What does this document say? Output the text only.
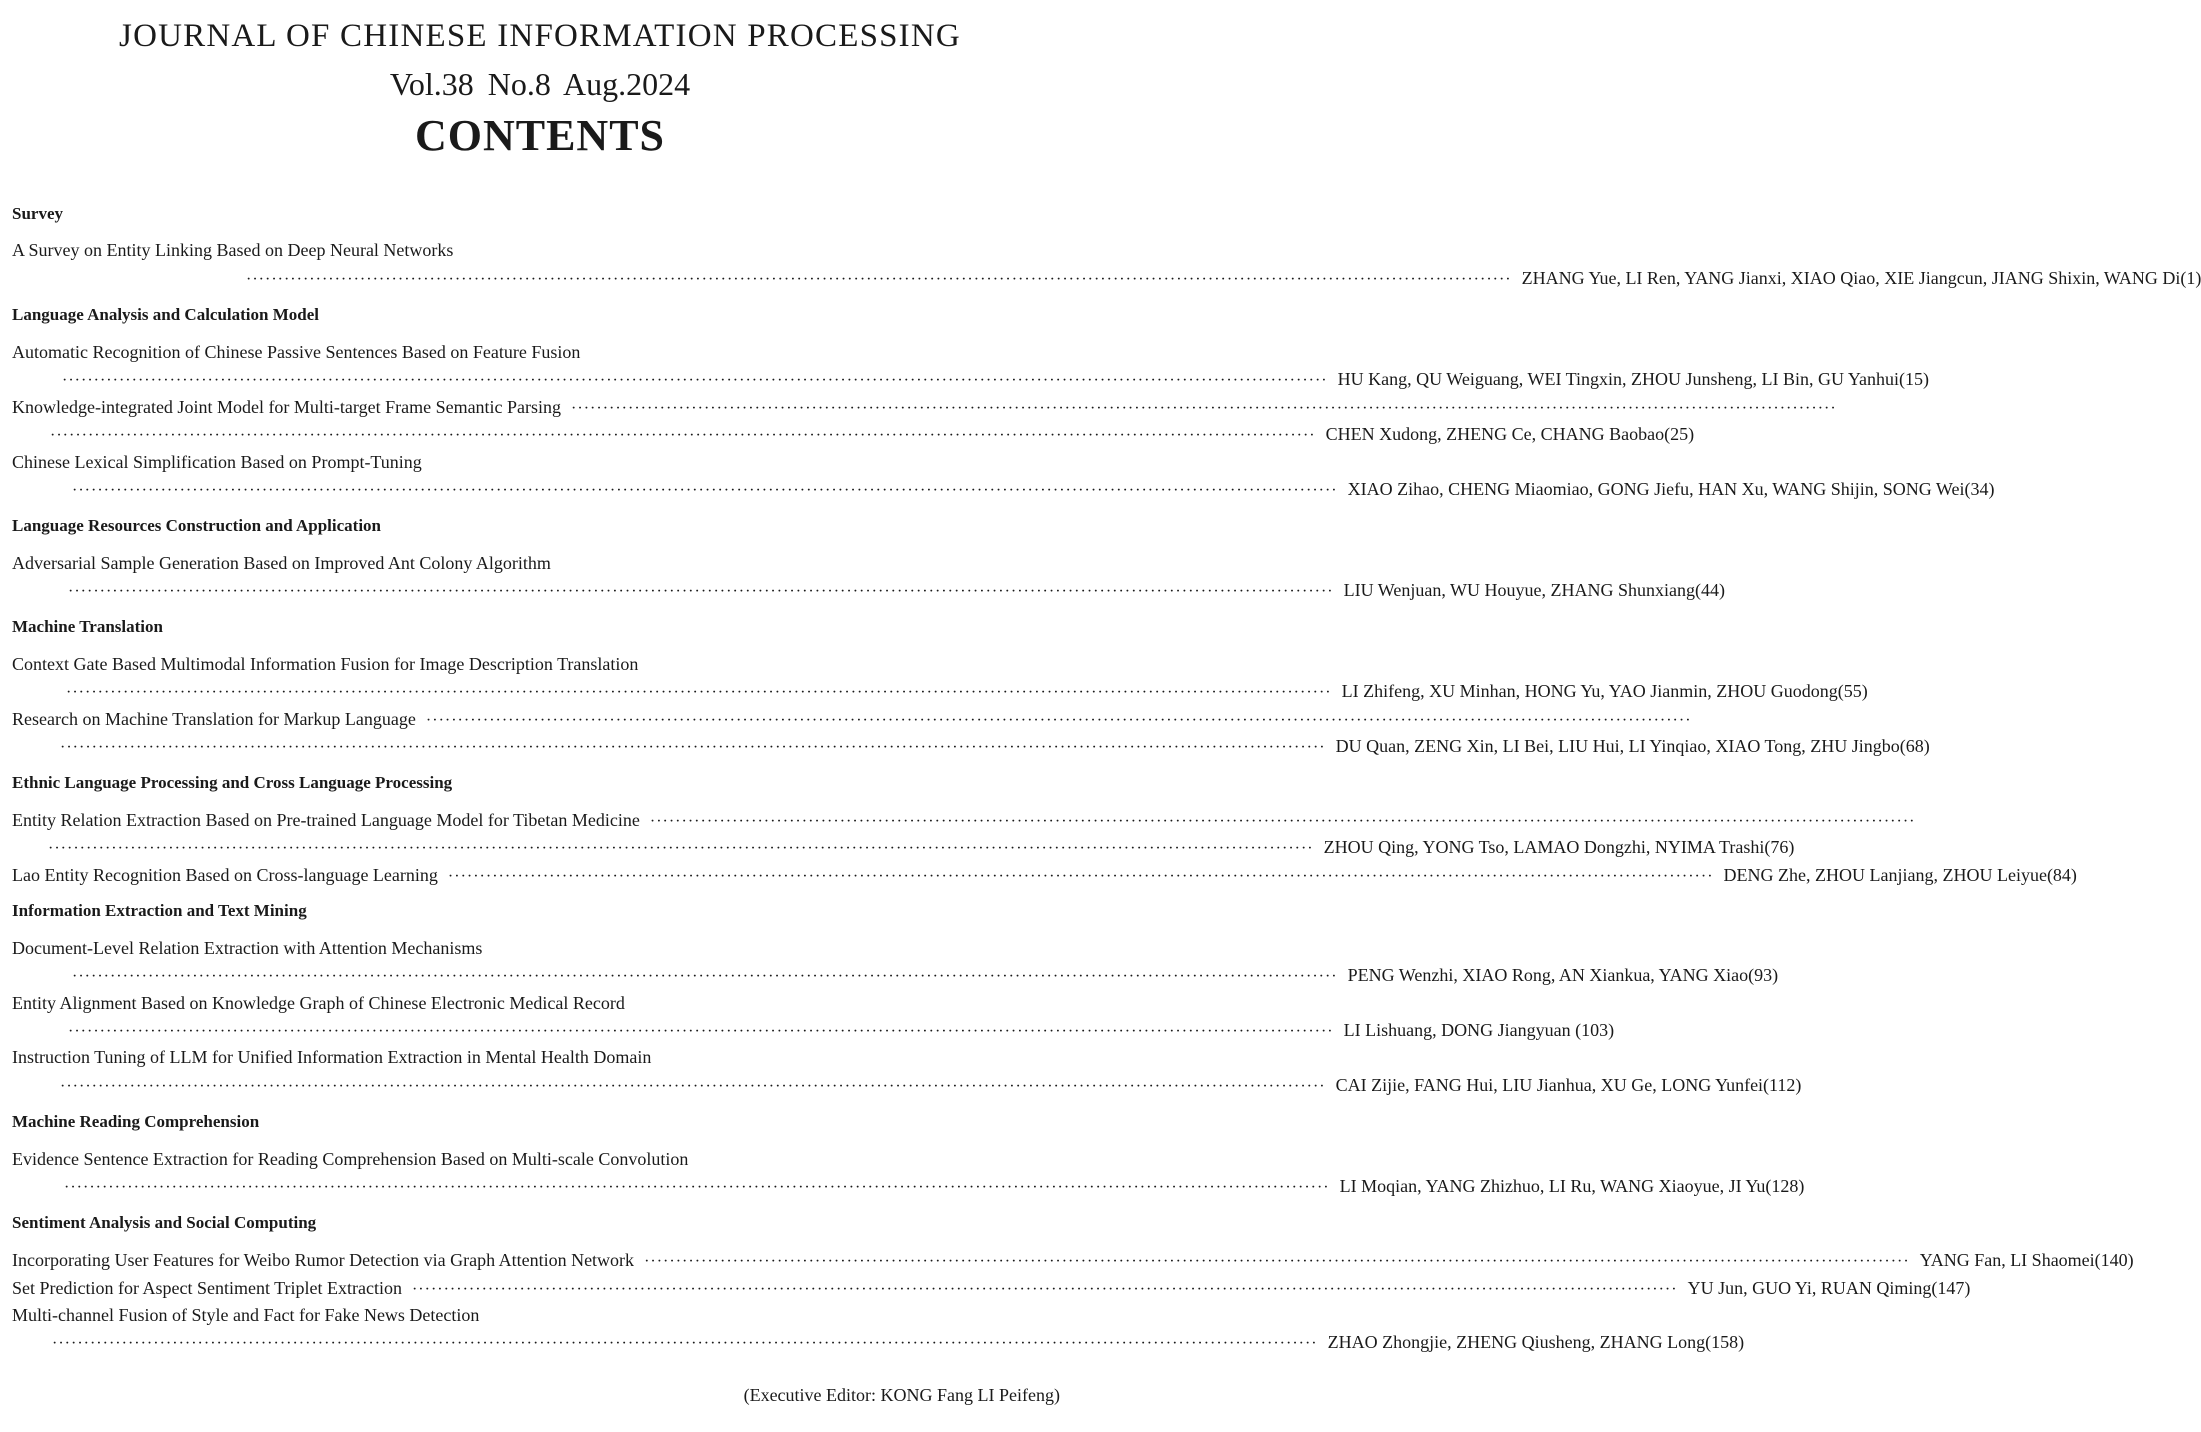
JOURNAL OF CHINESE INFORMATION PROCESSING
Vol.38 No.8 Aug.2024
CONTENTS
Survey
A Survey on Entity Linking Based on Deep Neural Networks
········································································································································································································ ZHANG Yue, LI Ren, YANG Jianxi, XIAO Qiao, XIE Jiangcun, JIANG Shixin, WANG Di(1)
Language Analysis and Calculation Model
Automatic Recognition of Chinese Passive Sentences Based on Feature Fusion
········································································································································································································ HU Kang, QU Weiguang, WEI Tingxin, ZHOU Junsheng, LI Bin, GU Yanhui(15)
Knowledge-integrated Joint Model for Multi-target Frame Semantic Parsing ········································································································································································································
········································································································································································································ CHEN Xudong, ZHENG Ce, CHANG Baobao(25)
Chinese Lexical Simplification Based on Prompt-Tuning
········································································································································································································ XIAO Zihao, CHENG Miaomiao, GONG Jiefu, HAN Xu, WANG Shijin, SONG Wei(34)
Language Resources Construction and Application
Adversarial Sample Generation Based on Improved Ant Colony Algorithm
········································································································································································································ LIU Wenjuan, WU Houyue, ZHANG Shunxiang(44)
Machine Translation
Context Gate Based Multimodal Information Fusion for Image Description Translation
········································································································································································································ LI Zhifeng, XU Minhan, HONG Yu, YAO Jianmin, ZHOU Guodong(55)
Research on Machine Translation for Markup Language ········································································································································································································
········································································································································································································ DU Quan, ZENG Xin, LI Bei, LIU Hui, LI Yinqiao, XIAO Tong, ZHU Jingbo(68)
Ethnic Language Processing and Cross Language Processing
Entity Relation Extraction Based on Pre-trained Language Model for Tibetan Medicine ········································································································································································································
········································································································································································································ ZHOU Qing, YONG Tso, LAMAO Dongzhi, NYIMA Trashi(76)
Lao Entity Recognition Based on Cross-language Learning ········································································································································································································ DENG Zhe, ZHOU Lanjiang, ZHOU Leiyue(84)
Information Extraction and Text Mining
Document-Level Relation Extraction with Attention Mechanisms
········································································································································································································ PENG Wenzhi, XIAO Rong, AN Xiankua, YANG Xiao(93)
Entity Alignment Based on Knowledge Graph of Chinese Electronic Medical Record
········································································································································································································ LI Lishuang, DONG Jiangyuan (103)
Instruction Tuning of LLM for Unified Information Extraction in Mental Health Domain
········································································································································································································ CAI Zijie, FANG Hui, LIU Jianhua, XU Ge, LONG Yunfei(112)
Machine Reading Comprehension
Evidence Sentence Extraction for Reading Comprehension Based on Multi-scale Convolution
········································································································································································································ LI Moqian, YANG Zhizhuo, LI Ru, WANG Xiaoyue, JI Yu(128)
Sentiment Analysis and Social Computing
Incorporating User Features for Weibo Rumor Detection via Graph Attention Network ········································································································································································································ YANG Fan, LI Shaomei(140)
Set Prediction for Aspect Sentiment Triplet Extraction ········································································································································································································ YU Jun, GUO Yi, RUAN Qiming(147)
Multi-channel Fusion of Style and Fact for Fake News Detection
········································································································································································································ ZHAO Zhongjie, ZHENG Qiusheng, ZHANG Long(158)
(Executive Editor: KONG Fang LI Peifeng)
